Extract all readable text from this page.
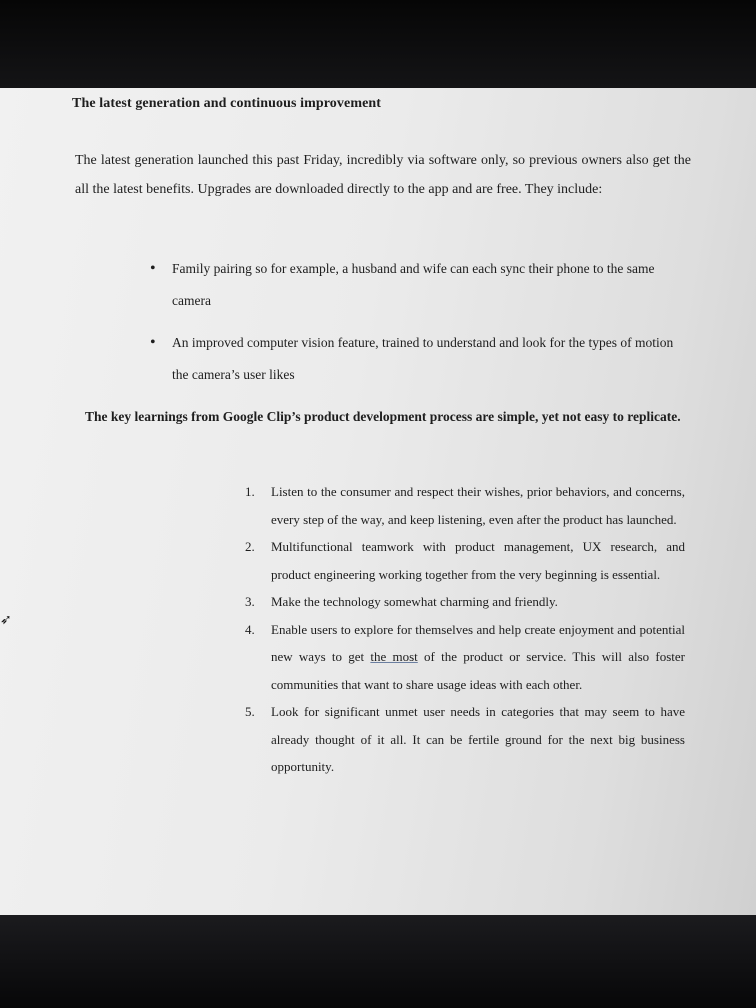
The latest generation and continuous improvement
The latest generation launched this past Friday, incredibly via software only, so previous owners also get the all the latest benefits. Upgrades are downloaded directly to the app and are free. They include:
• Family pairing so for example, a husband and wife can each sync their phone to the same camera
• An improved computer vision feature, trained to understand and look for the types of motion the camera’s user likes
The key learnings from Google Clip’s product development process are simple, yet not easy to replicate.
1. Listen to the consumer and respect their wishes, prior behaviors, and concerns, every step of the way, and keep listening, even after the product has launched.
2. Multifunctional teamwork with product management, UX research, and product engineering working together from the very beginning is essential.
3. Make the technology somewhat charming and friendly.
4. Enable users to explore for themselves and help create enjoyment and potential new ways to get the most of the product or service. This will also foster communities that want to share usage ideas with each other.
5. Look for significant unmet user needs in categories that may seem to have already thought of it all. It can be fertile ground for the next big business opportunity.
➶
